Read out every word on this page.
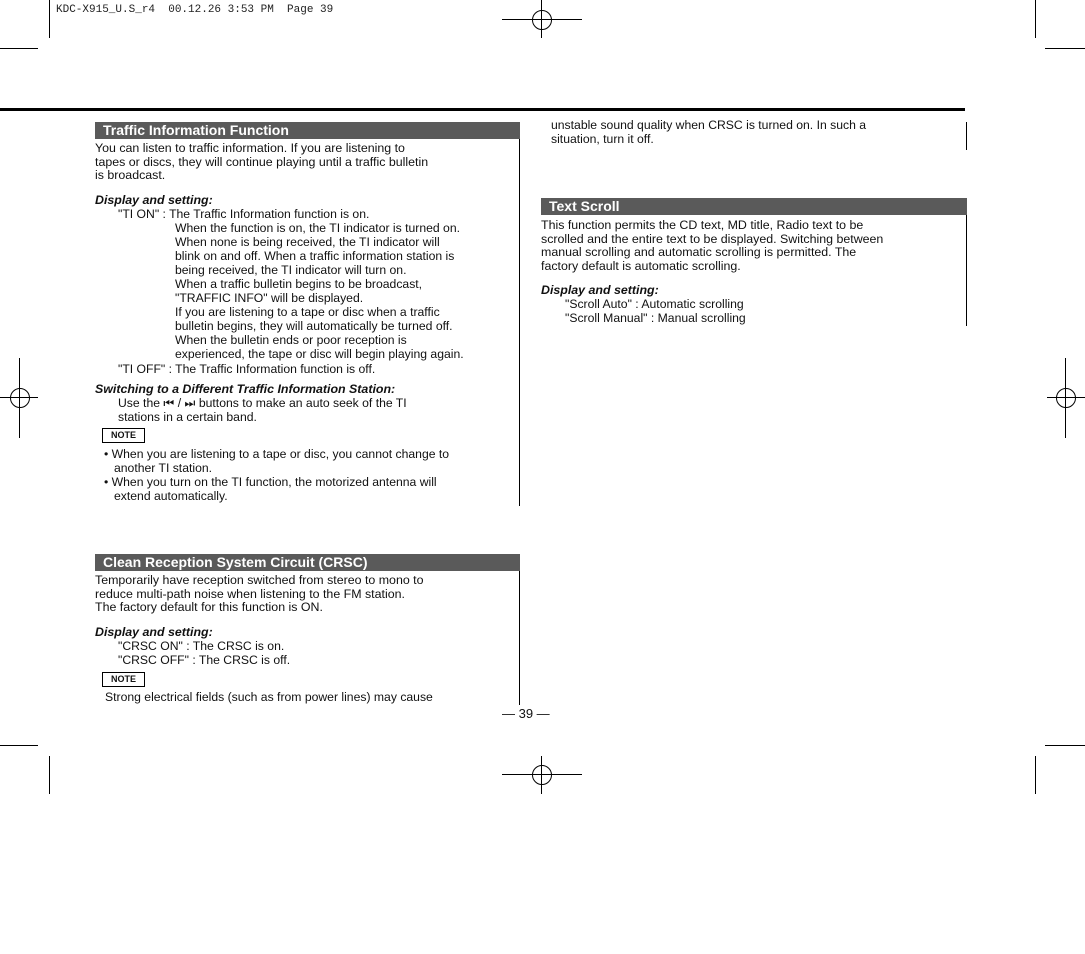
KDC-X915_U.S_r4  00.12.26 3:53 PM  Page 39
Traffic Information Function
You can listen to traffic information. If you are listening to
tapes or discs, they will continue playing until a traffic bulletin
is broadcast.
Display and setting:
"TI ON" : The Traffic Information function is on.
When the function is on, the TI indicator is turned on.
When none is being received, the TI indicator will
blink on and off. When a traffic information station is
being received, the TI indicator will turn on.
When a traffic bulletin begins to be broadcast,
"TRAFFIC INFO" will be displayed.
If you are listening to a tape or disc when a traffic
bulletin begins, they will automatically be turned off.
When the bulletin ends or poor reception is
experienced, the tape or disc will begin playing again.
"TI OFF" : The Traffic Information function is off.
Switching to a Different Traffic Information Station:
Use the ⏮ / ⏭ buttons to make an auto seek of the TI
stations in a certain band.
NOTE
• When you are listening to a tape or disc, you cannot change to
another TI station.
• When you turn on the TI function, the motorized antenna will
extend automatically.
Clean Reception System Circuit (CRSC)
Temporarily have reception switched from stereo to mono to
reduce multi-path noise when listening to the FM station.
The factory default for this function is ON.
Display and setting:
"CRSC ON" : The CRSC is on.
"CRSC OFF" : The CRSC is off.
NOTE
Strong electrical fields (such as from power lines) may cause
unstable sound quality when CRSC is turned on. In such a
situation, turn it off.
Text Scroll
This function permits the CD text, MD title, Radio text to be
scrolled and the entire text to be displayed. Switching between
manual scrolling and automatic scrolling is permitted. The
factory default is automatic scrolling.
Display and setting:
"Scroll Auto" : Automatic scrolling
"Scroll Manual" : Manual scrolling
— 39 —
